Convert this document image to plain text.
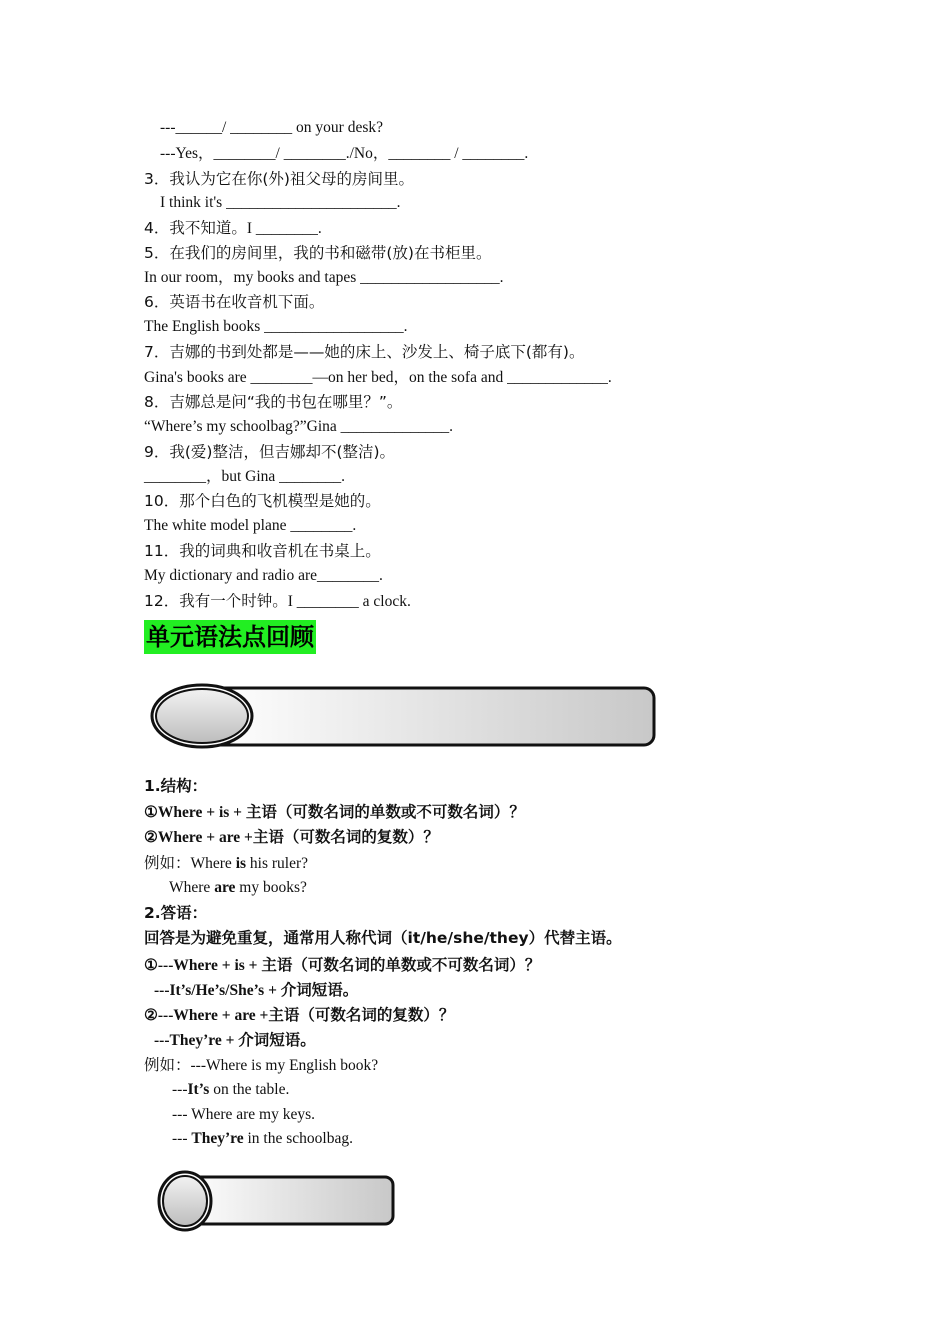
---______/ ________ on your desk?
---Yes，________/ ________./No，________ / ________.
3．我认为它在你(外)祖父母的房间里。
I think it's ______________________.
4．我不知道。I ________.
5．在我们的房间里，我的书和磁带(放)在书柜里。
In our room，my books and tapes __________________.
6．英语书在收音机下面。
The English books __________________.
7．吉娜的书到处都是——她的床上、沙发上、椅子底下(都有)。
Gina's books are ________—on her bed，on the sofa and _____________.
8．吉娜总是问“我的书包在哪里？”。
“Where’s my schoolbag?”Gina ______________.
9．我(爱)整洁，但吉娜却不(整洁)。
________，but Gina ________.
10．那个白色的飞机模型是她的。
The white model plane ________.
11．我的词典和收音机在书桌上。
My dictionary and radio are________.
12．我有一个时钟。I ________ a clock.
单元语法点回顾
1.结构：
①Where + is + 主语（可数名词的单数或不可数名词）？
②Where + are +主语（可数名词的复数）？
例如：Where is his ruler?
Where are my books?
2.答语：
回答是为避免重复，通常用人称代词（it/he/she/they）代替主语。
①---Where + is + 主语（可数名词的单数或不可数名词）？
---It’s/He’s/She’s + 介词短语。
②---Where + are +主语（可数名词的复数）？
---They’re + 介词短语。
例如：---Where is my English book?
---It’s on the table.
--- Where are my keys.
--- They’re in the schoolbag.
